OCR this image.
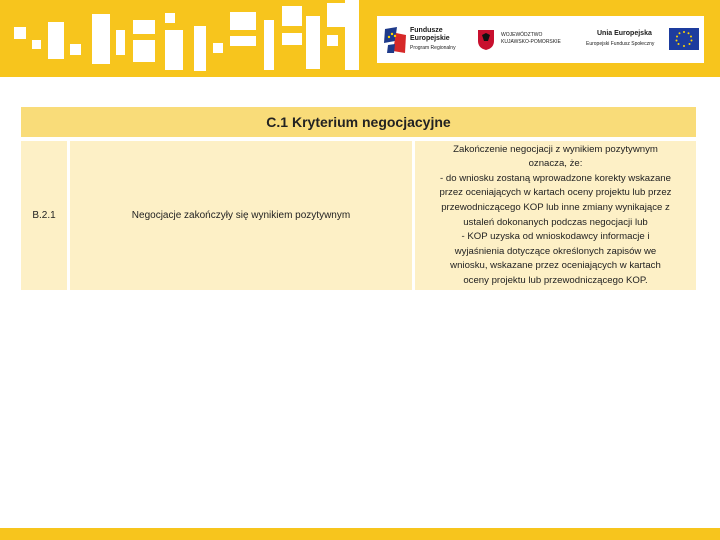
Fundusze
Europejskie
Program Regionalny
WOJEWÓDZTWO
KUJAWSKO-POMORSKIE
Unia Europejska
Europejski Fundusz Społeczny
C.1 Kryterium negocjacyjne
B.2.1	Negocjacje zakończyły się wynikiem pozytywnym
Zakończenie negocjacji z wynikiem pozytywnym
oznacza, że:
- do wniosku zostaną wprowadzone korekty wskazane
przez oceniających w kartach oceny projektu lub przez
przewodniczącego KOP lub inne zmiany wynikające z
ustaleń dokonanych podczas negocjacji lub
- KOP uzyska od wnioskodawcy informacje i
wyjaśnienia dotyczące określonych zapisów we
wniosku, wskazane przez oceniających w kartach
oceny projektu lub przewodniczącego KOP.
